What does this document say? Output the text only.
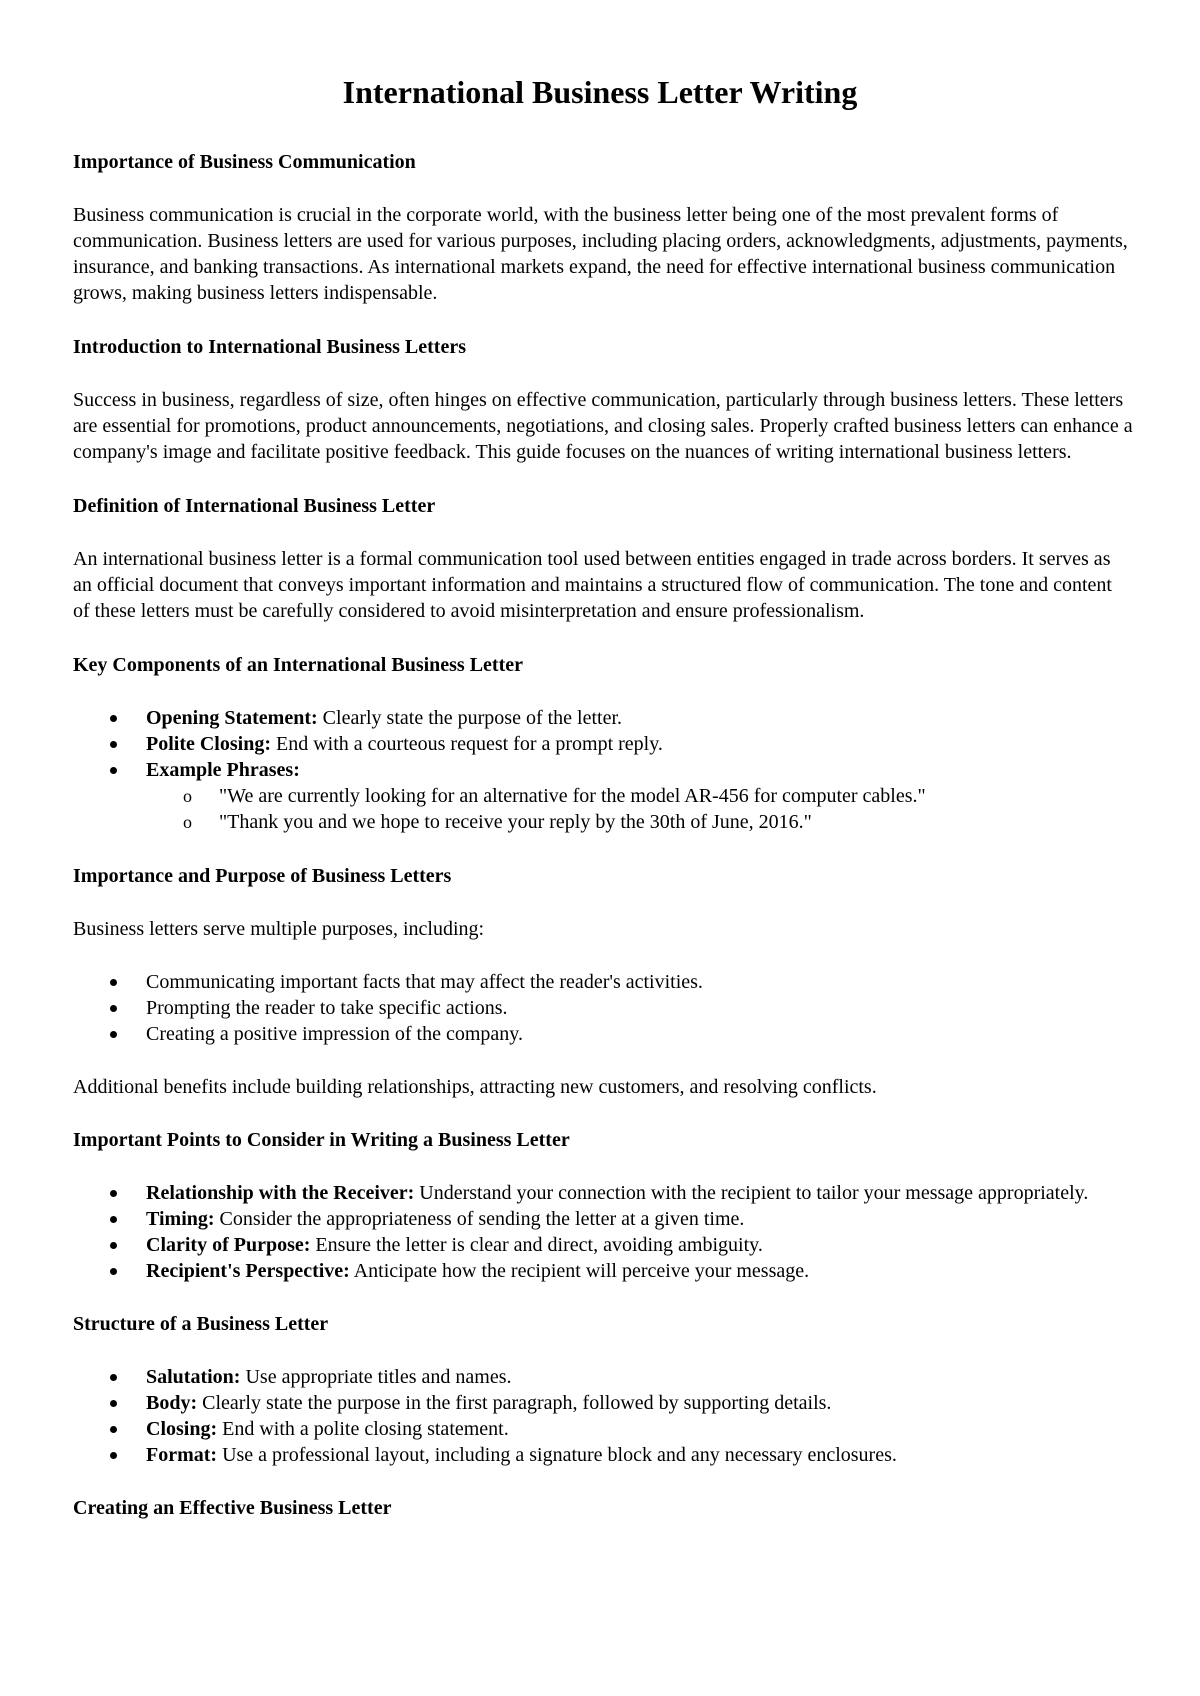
International Business Letter Writing
Importance of Business Communication

Business communication is crucial in the corporate world, with the business letter being one of the most prevalent forms of communication. Business letters are used for various purposes, including placing orders, acknowledgments, adjustments, payments, insurance, and banking transactions. As international markets expand, the need for effective international business communication grows, making business letters indispensable.

Introduction to International Business Letters

Success in business, regardless of size, often hinges on effective communication, particularly through business letters. These letters are essential for promotions, product announcements, negotiations, and closing sales. Properly crafted business letters can enhance a company's image and facilitate positive feedback. This guide focuses on the nuances of writing international business letters.

Definition of International Business Letter

An international business letter is a formal communication tool used between entities engaged in trade across borders. It serves as an official document that conveys important information and maintains a structured flow of communication. The tone and content of these letters must be carefully considered to avoid misinterpretation and ensure professionalism.

Key Components of an International Business Letter
Opening Statement: Clearly state the purpose of the letter.
Polite Closing: End with a courteous request for a prompt reply.
Example Phrases:
o "We are currently looking for an alternative for the model AR-456 for computer cables."
o "Thank you and we hope to receive your reply by the 30th of June, 2016."
Importance and Purpose of Business Letters

Business letters serve multiple purposes, including:

Communicating important facts that may affect the reader's activities.
Prompting the reader to take specific actions.
Creating a positive impression of the company.

Additional benefits include building relationships, attracting new customers, and resolving conflicts.

Important Points to Consider in Writing a Business Letter
Relationship with the Receiver: Understand your connection with the recipient to tailor your message appropriately.
Timing: Consider the appropriateness of sending the letter at a given time.
Clarity of Purpose: Ensure the letter is clear and direct, avoiding ambiguity.
Recipient's Perspective: Anticipate how the recipient will perceive your message.
Structure of a Business Letter
Salutation: Use appropriate titles and names.
Body: Clearly state the purpose in the first paragraph, followed by supporting details.
Closing: End with a polite closing statement.
Format: Use a professional layout, including a signature block and any necessary enclosures.
Creating an Effective Business Letter
